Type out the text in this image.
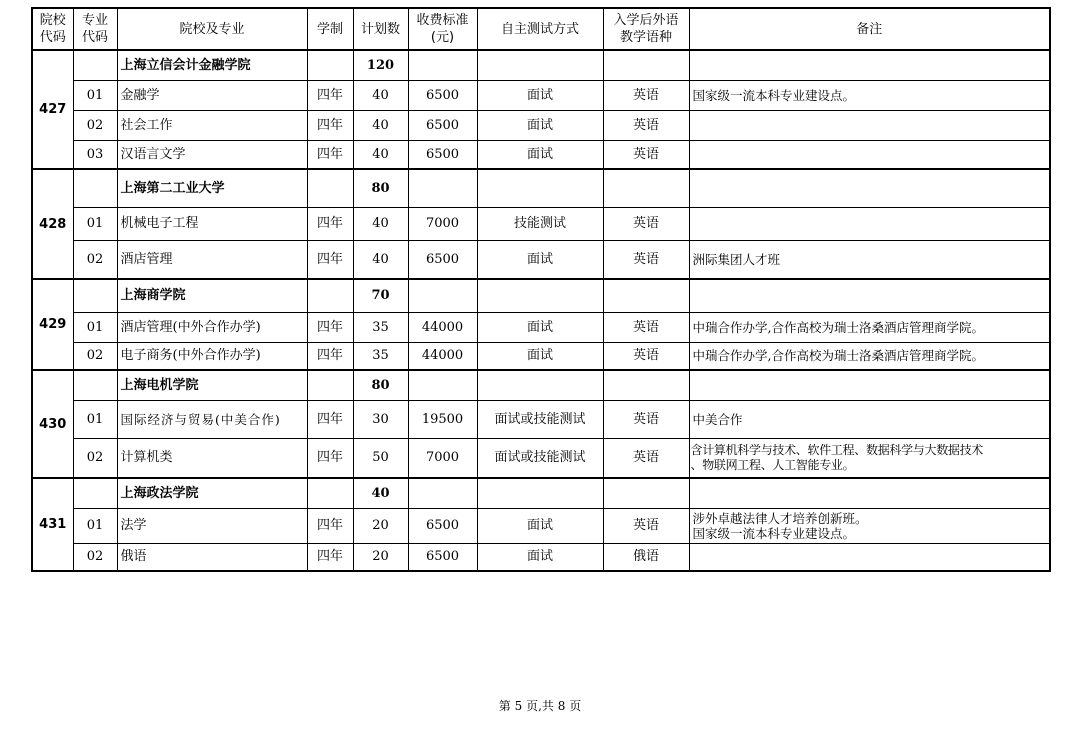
院校
代码	专业
代码	院校及专业	学制	计划数	收费标准
(元)	自主测试方式	入学后外语
教学语种	备注
427		上海立信会计金融学院		120				
	01	金融学	四年	40	6500	面试	英语	国家级一流本科专业建设点。

	02	社会工作	四年	40	6500	面试	英语	
	03	汉语言文学	四年	40	6500	面试	英语	
428		上海第二工业大学		80				
	01	机械电子工程	四年	40	7000	技能测试	英语	
	02	酒店管理	四年	40	6500	面试	英语	洲际集团人才班

429		上海商学院		70				
	01	酒店管理(中外合作办学)	四年	35	44000	面试	英语	中瑞合作办学,合作高校为瑞士洛桑酒店管理商学院。

	02	电子商务(中外合作办学)	四年	35	44000	面试	英语	中瑞合作办学,合作高校为瑞士洛桑酒店管理商学院。

430		上海电机学院		80				
	01	国际经济与贸易(中美合作)	四年	30	19500	面试或技能测试	英语	中美合作

	02	计算机类	四年	50	7000	面试或技能测试	英语	含计算机科学与技术、软件工程、数据科学与大数据技术
、物联网工程、人工智能专业。

431		上海政法学院		40				
	01	法学	四年	20	6500	面试	英语	涉外卓越法律人才培养创新班。
国家级一流本科专业建设点。

	02	俄语	四年	20	6500	面试	俄语	
第 5 页,共 8 页
